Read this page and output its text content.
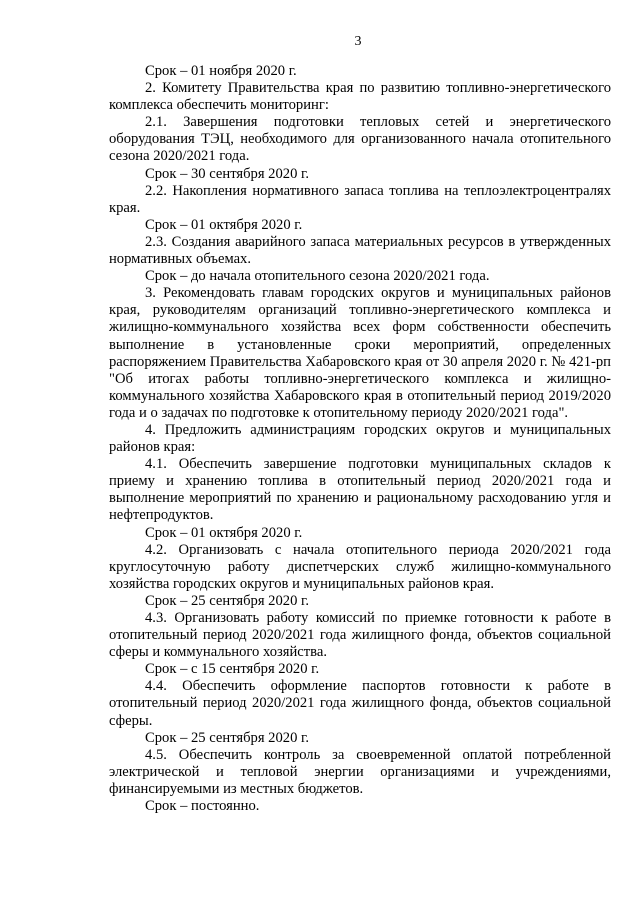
3

Срок – 01 ноября 2020 г.

2. Комитету Правительства края по развитию топливно-энергетического комплекса обеспечить мониторинг:

2.1. Завершения подготовки тепловых сетей и энергетического оборудования ТЭЦ, необходимого для организованного начала отопительного сезона 2020/2021 года.

Срок – 30 сентября 2020 г.

2.2. Накопления нормативного запаса топлива на теплоэлектроцентралях края.

Срок – 01 октября 2020 г.

2.3. Создания аварийного запаса материальных ресурсов в утвержденных нормативных объемах.

Срок – до начала отопительного сезона 2020/2021 года.

3. Рекомендовать главам городских округов и муниципальных районов края, руководителям организаций топливно-энергетического комплекса и жилищно-коммунального хозяйства всех форм собственности обеспечить выполнение в установленные сроки мероприятий, определенных распоряжением Правительства Хабаровского края от 30 апреля 2020 г. № 421-рп "Об итогах работы топливно-энергетического комплекса и жилищно-коммунального хозяйства Хабаровского края в отопительный период 2019/2020 года и о задачах по подготовке к отопительному периоду 2020/2021 года".

4. Предложить администрациям городских округов и муниципальных районов края:

4.1. Обеспечить завершение подготовки муниципальных складов к приему и хранению топлива в отопительный период 2020/2021 года и выполнение мероприятий по хранению и рациональному расходованию угля и нефтепродуктов.

Срок – 01 октября 2020 г.

4.2. Организовать с начала отопительного периода 2020/2021 года круглосуточную работу диспетчерских служб жилищно-коммунального хозяйства городских округов и муниципальных районов края.

Срок – 25 сентября 2020 г.

4.3. Организовать работу комиссий по приемке готовности к работе в отопительный период 2020/2021 года жилищного фонда, объектов социальной сферы и коммунального хозяйства.

Срок – с 15 сентября 2020 г.

4.4. Обеспечить оформление паспортов готовности к работе в отопительный период 2020/2021 года жилищного фонда, объектов социальной сферы.

Срок – 25 сентября 2020 г.

4.5. Обеспечить контроль за своевременной оплатой потребленной электрической и тепловой энергии организациями и учреждениями, финансируемыми из местных бюджетов.

Срок – постоянно.
